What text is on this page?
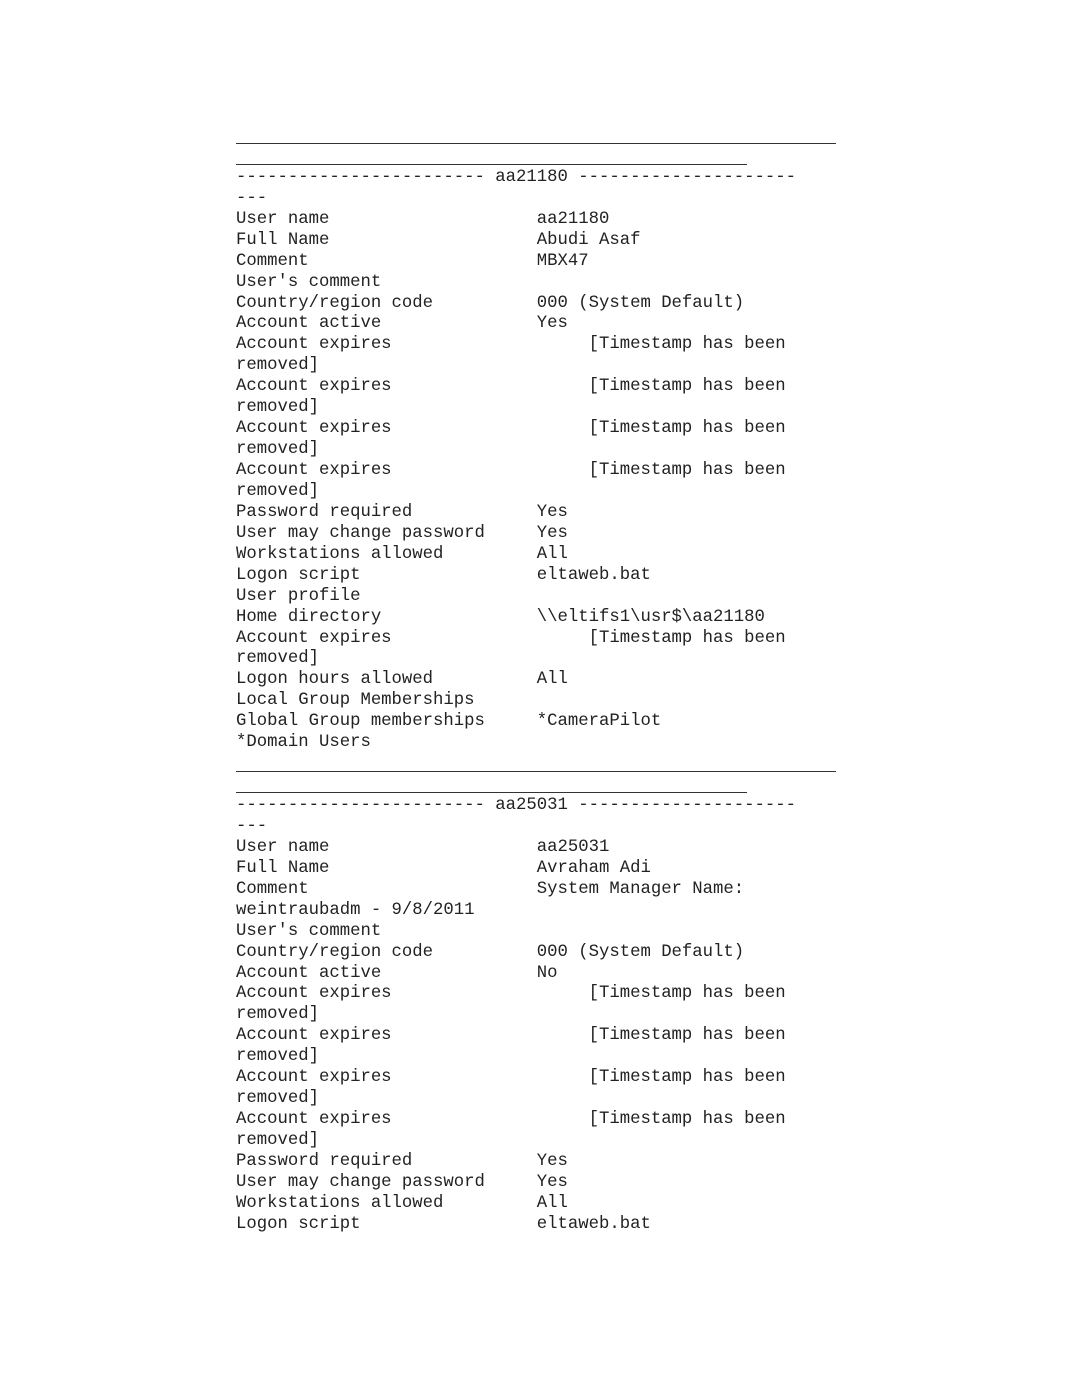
------------------------ aa21180 ---------------------
---
User name                    aa21180
Full Name                    Abudi Asaf
Comment                      MBX47
User's comment
Country/region code          000 (System Default)
Account active               Yes
Account expires                   [Timestamp has been
removed]
Account expires                   [Timestamp has been
removed]
Account expires                   [Timestamp has been
removed]
Account expires                   [Timestamp has been
removed]
Password required            Yes
User may change password     Yes
Workstations allowed         All
Logon script                 eltaweb.bat
User profile
Home directory               \\eltifs1\usr$\aa21180
Account expires                   [Timestamp has been
removed]
Logon hours allowed          All
Local Group Memberships
Global Group memberships     *CameraPilot
*Domain Users
------------------------ aa25031 ---------------------
---
User name                    aa25031
Full Name                    Avraham Adi
Comment                      System Manager Name:
weintraubadm - 9/8/2011
User's comment
Country/region code          000 (System Default)
Account active               No
Account expires                   [Timestamp has been
removed]
Account expires                   [Timestamp has been
removed]
Account expires                   [Timestamp has been
removed]
Account expires                   [Timestamp has been
removed]
Password required            Yes
User may change password     Yes
Workstations allowed         All
Logon script                 eltaweb.bat
